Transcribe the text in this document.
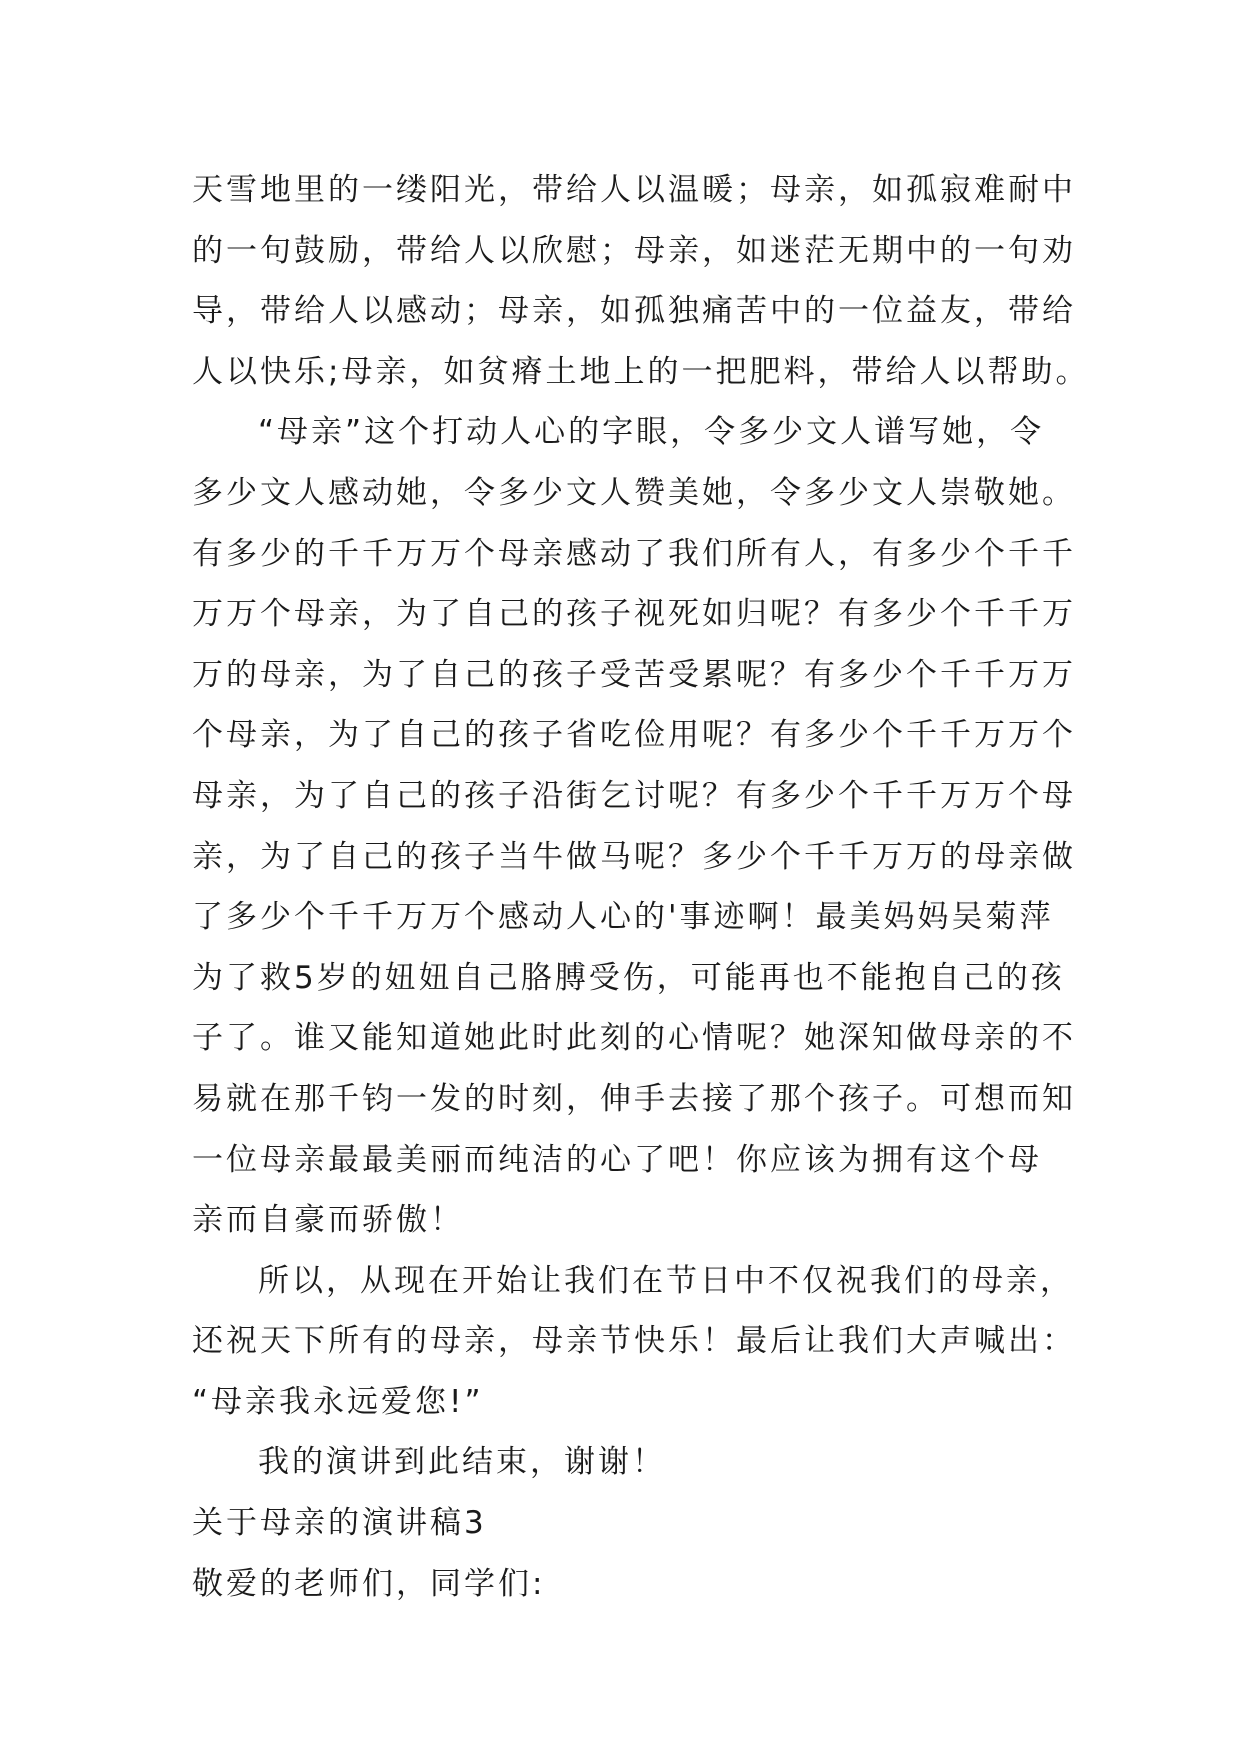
天雪地里的一缕阳光，带给人以温暖；母亲，如孤寂难耐中
的一句鼓励，带给人以欣慰；母亲，如迷茫无期中的一句劝
导，带给人以感动；母亲，如孤独痛苦中的一位益友，带给
人以快乐;母亲，如贫瘠土地上的一把肥料，带给人以帮助。
“母亲”这个打动人心的字眼，令多少文人谱写她，令
多少文人感动她，令多少文人赞美她，令多少文人崇敬她。
有多少的千千万万个母亲感动了我们所有人，有多少个千千
万万个母亲，为了自己的孩子视死如归呢？有多少个千千万
万的母亲，为了自己的孩子受苦受累呢？有多少个千千万万
个母亲，为了自己的孩子省吃俭用呢？有多少个千千万万个
母亲，为了自己的孩子沿街乞讨呢？有多少个千千万万个母
亲，为了自己的孩子当牛做马呢？多少个千千万万的母亲做
了多少个千千万万个感动人心的'事迹啊！最美妈妈吴菊萍
为了救5岁的妞妞自己胳膊受伤，可能再也不能抱自己的孩
子了。谁又能知道她此时此刻的心情呢？她深知做母亲的不
易就在那千钧一发的时刻，伸手去接了那个孩子。可想而知
一位母亲最最美丽而纯洁的心了吧！你应该为拥有这个母
亲而自豪而骄傲！
所以，从现在开始让我们在节日中不仅祝我们的母亲，
还祝天下所有的母亲，母亲节快乐！最后让我们大声喊出：
“母亲我永远爱您!”
我的演讲到此结束，谢谢！
关于母亲的演讲稿3
敬爱的老师们，同学们:
